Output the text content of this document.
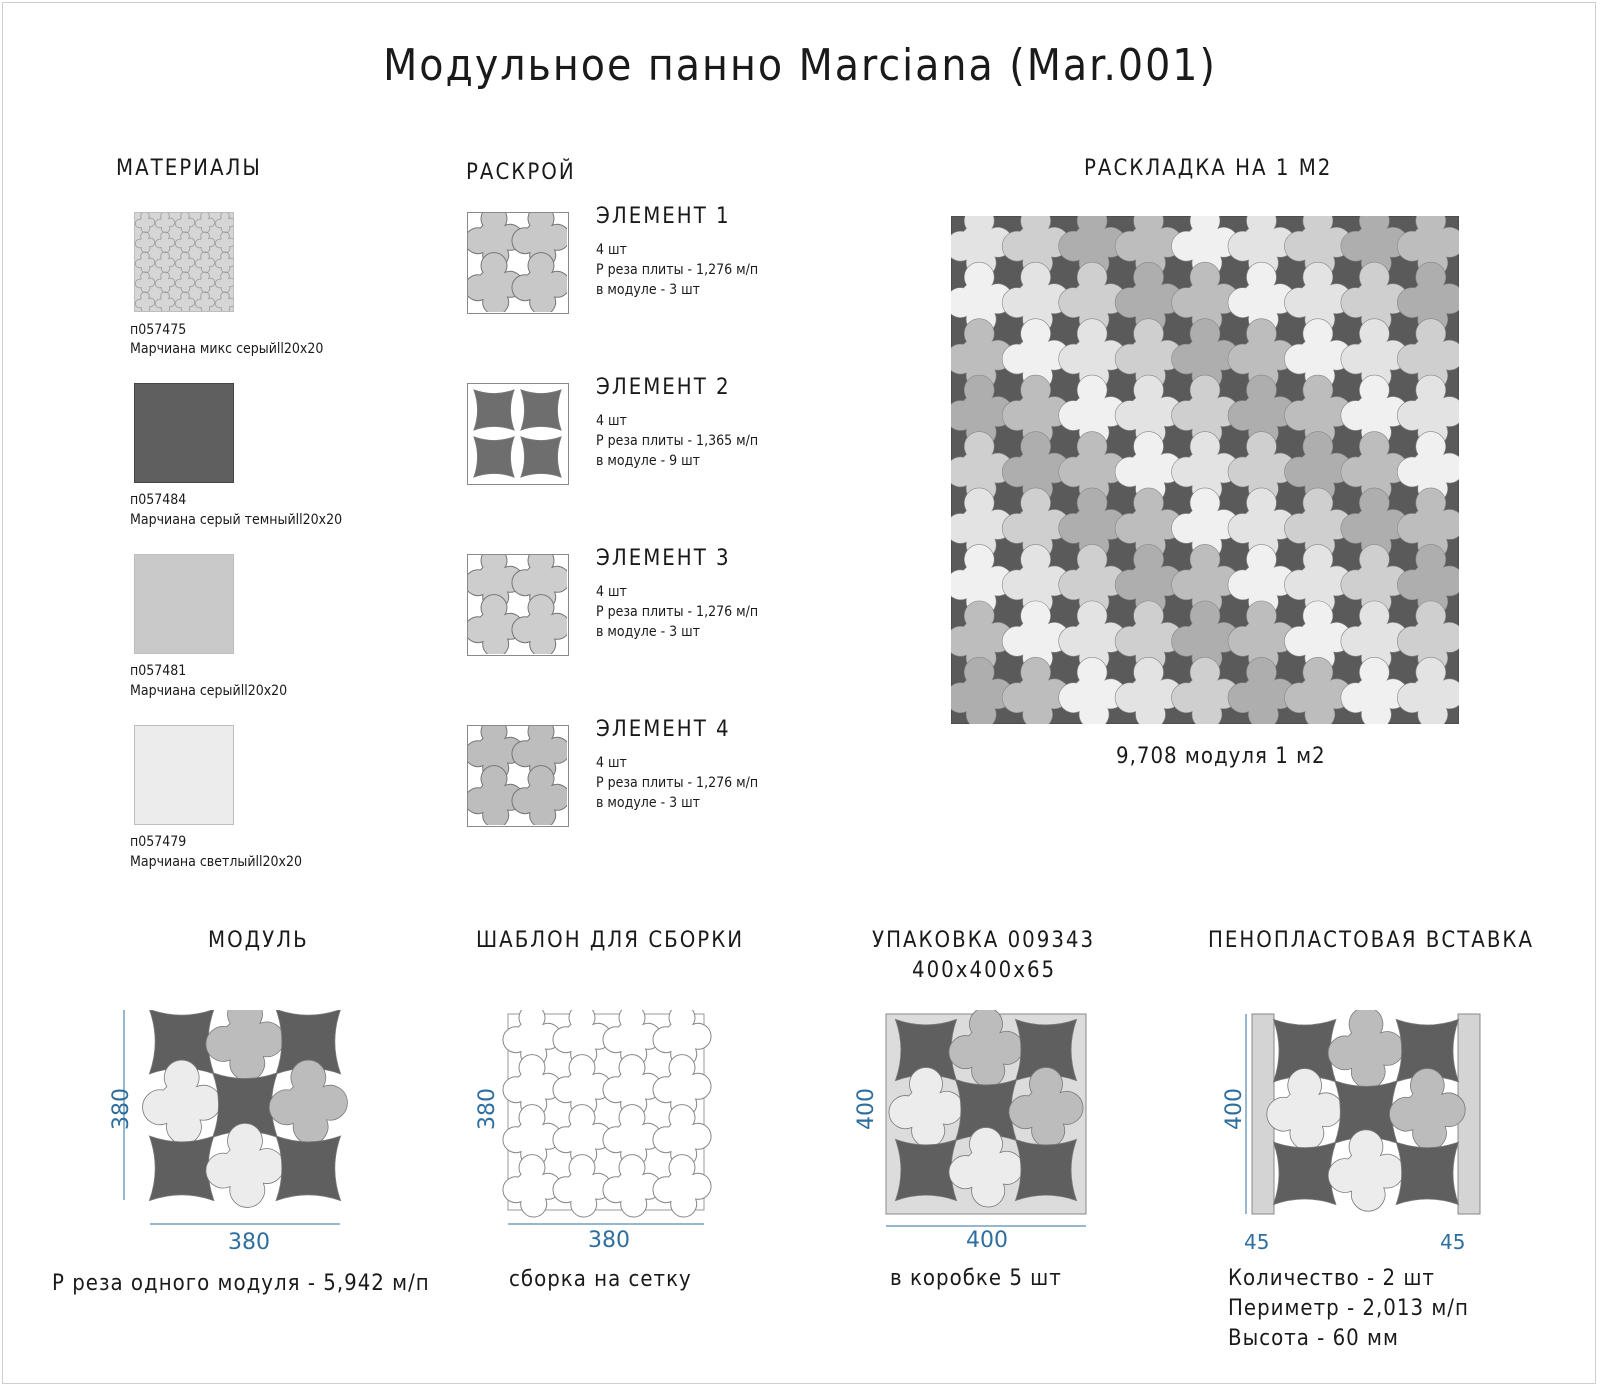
Модульное панно Marciana (Mar.001)
МАТЕРИАЛЫ
п057475
Марчиана микс серыйll20х20
п057484
Марчиана серый темныйll20х20
п057481
Марчиана серыйll20х20
п057479
Марчиана светлыйll20х20
РАСКРОЙ
ЭЛЕМЕНТ 1
4 шт
Р реза плиты - 1,276 м/п
в модуле - 3 шт
ЭЛЕМЕНТ 2
4 шт
Р реза плиты - 1,365 м/п
в модуле - 9 шт
ЭЛЕМЕНТ 3
4 шт
Р реза плиты - 1,276 м/п
в модуле - 3 шт
ЭЛЕМЕНТ 4
4 шт
Р реза плиты - 1,276 м/п
в модуле - 3 шт
РАСКЛАДКА НА 1 М2
9,708 модуля 1 м2
МОДУЛЬ
380
380
Р реза одного модуля - 5,942 м/п
ШАБЛОН ДЛЯ СБОРКИ
380
380
сборка на сетку
УПАКОВКА 009343
400х400х65
400
400
в коробке 5 шт
ПЕНОПЛАСТОВАЯ ВСТАВКА
400
45	45
Количество - 2 шт
Периметр - 2,013 м/п
Высота - 60 мм
